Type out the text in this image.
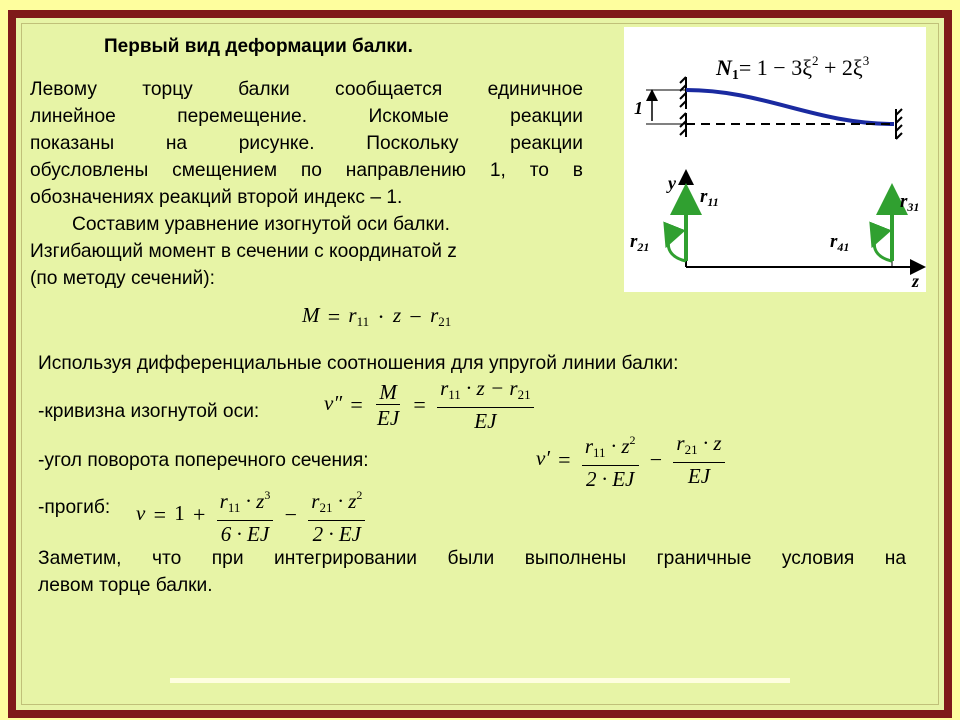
Первый вид деформации балки.
Левому торцу балки сообщается единичное
линейное перемещение. Искомые реакции
показаны на рисунке. Поскольку реакции
обусловлены смещением по направлению 1, то в
обозначениях реакций второй индекс – 1.
Составим уравнение изогнутой оси балки.
Изгибающий момент в сечении с координатой z
(по методу сечений):
$M = r_{11} \cdot z - r_{21}$
Используя дифференциальные соотношения для упругой линии балки:
-кривизна изогнутой оси:	$v'' = \frac{M}{EJ} = \frac{r_{11} \cdot z - r_{21}}{EJ}$
-угол поворота поперечного сечения:	$v' = \frac{r_{11} \cdot z^2}{2 \cdot EJ} - \frac{r_{21} \cdot z}{EJ}$
-прогиб: $v = 1 + \frac{r_{11} \cdot z^3}{6 \cdot EJ} - \frac{r_{21} \cdot z^2}{2 \cdot EJ}$
Заметим, что при интегрировании были выполнены граничные условия на
левом торце балки.
1
$N1= 1 - 3\xi^2 + 2\xi^3$
y
z
$r_{11}$
$r_{21}$
$r_{31}$
$r_{41}$
